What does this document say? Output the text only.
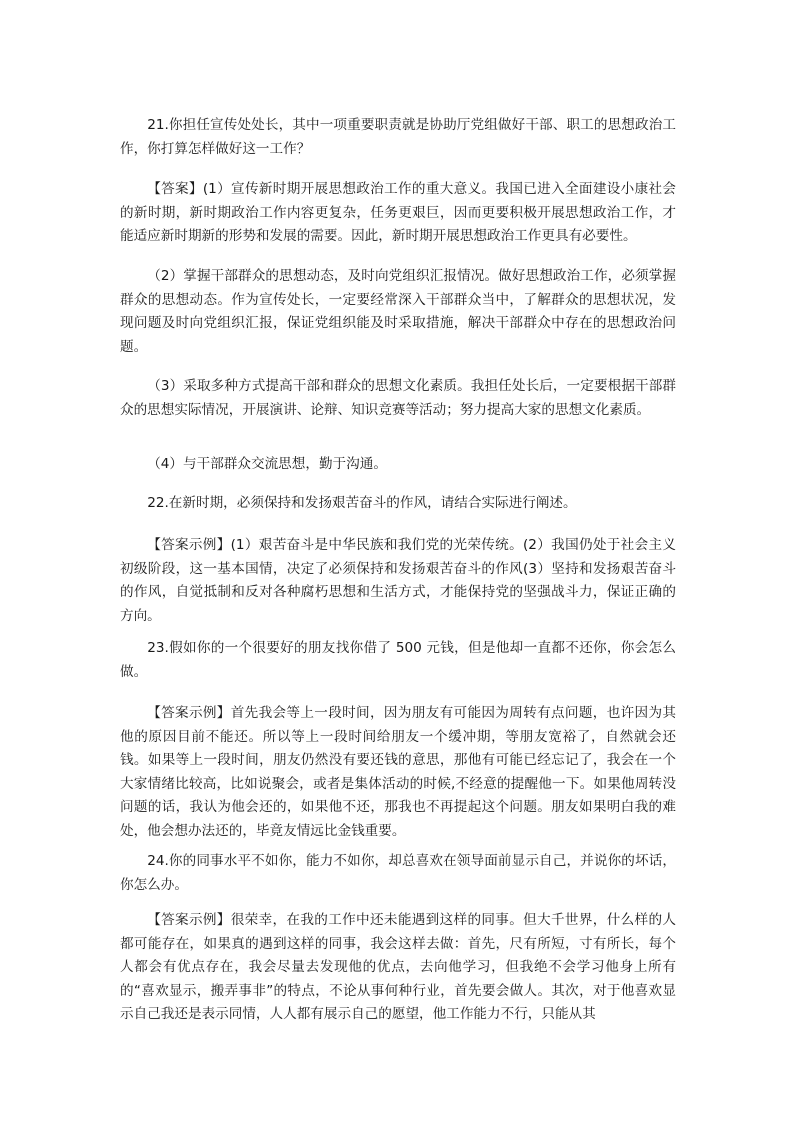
21.你担任宣传处处长，其中一项重要职责就是协助厅党组做好干部、职工的思想政治工作，你打算怎样做好这一工作？

【答案】(1）宣传新时期开展思想政治工作的重大意义。我国已进入全面建设小康社会的新时期，新时期政治工作内容更复杂，任务更艰巨，因而更要积极开展思想政治工作，才能适应新时期新的形势和发展的需要。因此，新时期开展思想政治工作更具有必要性。

（2）掌握干部群众的思想动态，及时向党组织汇报情况。做好思想政治工作，必须掌握群众的思想动态。作为宣传处长，一定要经常深入干部群众当中，了解群众的思想状况，发现问题及时向党组织汇报，保证党组织能及时采取措施，解决干部群众中存在的思想政治问题。

（3）采取多种方式提高干部和群众的思想文化素质。我担任处长后，一定要根据干部群众的思想实际情况，开展演讲、论辩、知识竞赛等活动；努力提高大家的思想文化素质。

（4）与干部群众交流思想，勤于沟通。

22.在新时期，必须保持和发扬艰苦奋斗的作风，请结合实际进行阐述。

【答案示例】(1）艰苦奋斗是中华民族和我们党的光荣传统。(2）我国仍处于社会主义初级阶段，这一基本国情，决定了必须保持和发扬艰苦奋斗的作风(3）坚持和发扬艰苦奋斗的作风，自觉抵制和反对各种腐朽思想和生活方式，才能保持党的坚强战斗力，保证正确的方向。

23.假如你的一个很要好的朋友找你借了 500 元钱，但是他却一直都不还你，你会怎么做。

【答案示例】首先我会等上一段时间，因为朋友有可能因为周转有点问题，也许因为其他的原因目前不能还。所以等上一段时间给朋友一个缓冲期，等朋友宽裕了，自然就会还钱。如果等上一段时间，朋友仍然没有要还钱的意思，那他有可能已经忘记了，我会在一个大家情绪比较高，比如说聚会，或者是集体活动的时候,不经意的提醒他一下。如果他周转没问题的话，我认为他会还的，如果他不还，那我也不再提起这个问题。朋友如果明白我的难处，他会想办法还的，毕竟友情远比金钱重要。

24.你的同事水平不如你，能力不如你，却总喜欢在领导面前显示自己，并说你的坏话，你怎么办。

【答案示例】很荣幸，在我的工作中还未能遇到这样的同事。但大千世界，什么样的人都可能存在，如果真的遇到这样的同事，我会这样去做：首先，尺有所短，寸有所长，每个人都会有优点存在，我会尽量去发现他的优点，去向他学习，但我绝不会学习他身上所有的“喜欢显示，搬弄事非”的特点，不论从事何种行业，首先要会做人。其次，对于他喜欢显示自己我还是表示同情，人人都有展示自己的愿望，他工作能力不行，只能从其
